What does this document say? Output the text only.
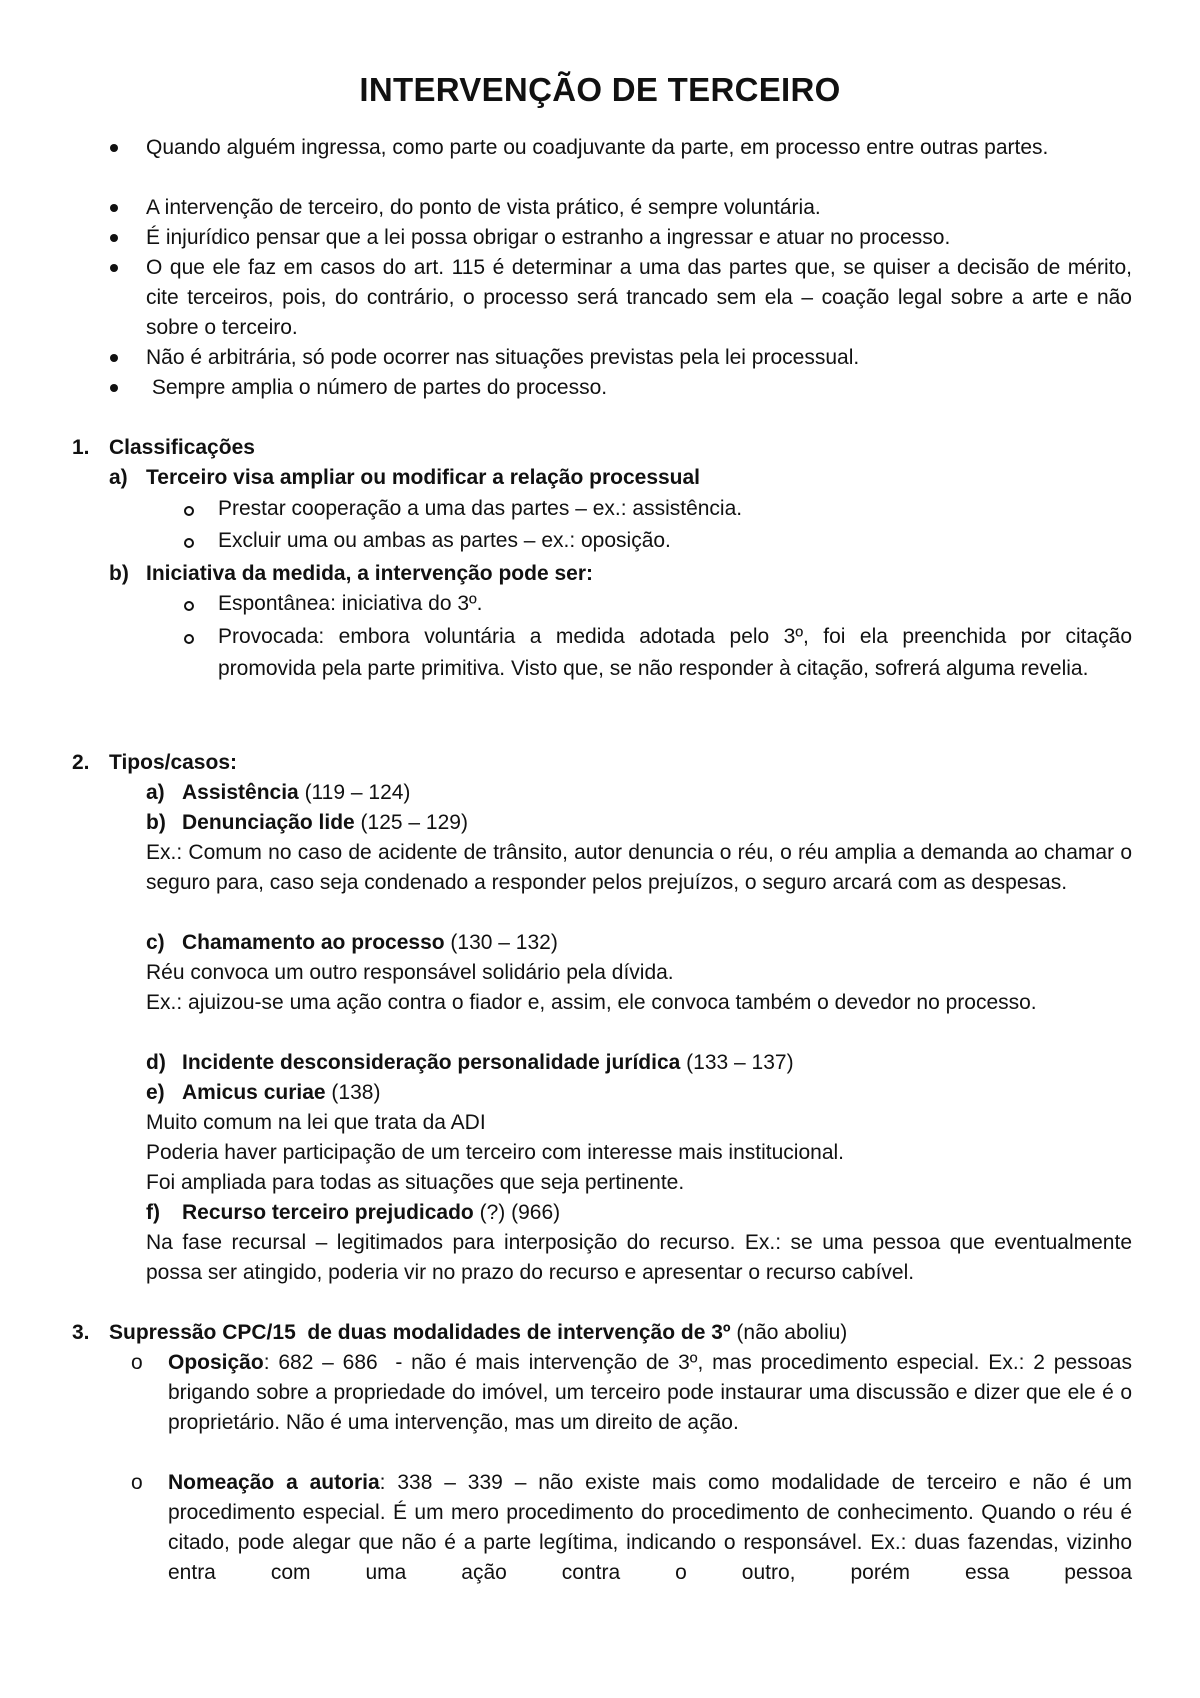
INTERVENÇÃO DE TERCEIRO
Quando alguém ingressa, como parte ou coadjuvante da parte, em processo entre outras partes.
A intervenção de terceiro, do ponto de vista prático, é sempre voluntária.
É injurídico pensar que a lei possa obrigar o estranho a ingressar e atuar no processo.
O que ele faz em casos do art. 115 é determinar a uma das partes que, se quiser a decisão de mérito, cite terceiros, pois, do contrário, o processo será trancado sem ela – coação legal sobre a arte e não sobre o terceiro.
Não é arbitrária, só pode ocorrer nas situações previstas pela lei processual.
Sempre amplia o número de partes do processo.
1. Classificações
a) Terceiro visa ampliar ou modificar a relação processual
Prestar cooperação a uma das partes – ex.: assistência.
Excluir uma ou ambas as partes – ex.: oposição.
b) Iniciativa da medida, a intervenção pode ser:
Espontânea: iniciativa do 3º.
Provocada: embora voluntária a medida adotada pelo 3º, foi ela preenchida por citação promovida pela parte primitiva. Visto que, se não responder à citação, sofrerá alguma revelia.
2. Tipos/casos:
a) Assistência (119 – 124)
b) Denunciação lide (125 – 129)
Ex.: Comum no caso de acidente de trânsito, autor denuncia o réu, o réu amplia a demanda ao chamar o seguro para, caso seja condenado a responder pelos prejuízos, o seguro arcará com as despesas.
c) Chamamento ao processo (130 – 132)
Réu convoca um outro responsável solidário pela dívida.
Ex.: ajuizou-se uma ação contra o fiador e, assim, ele convoca também o devedor no processo.
d) Incidente desconsideração personalidade jurídica (133 – 137)
e) Amicus curiae (138)
Muito comum na lei que trata da ADI
Poderia haver participação de um terceiro com interesse mais institucional.
Foi ampliada para todas as situações que seja pertinente.
f) Recurso terceiro prejudicado (?) (966)
Na fase recursal – legitimados para interposição do recurso. Ex.: se uma pessoa que eventualmente possa ser atingido, poderia vir no prazo do recurso e apresentar o recurso cabível.
3. Supressão CPC/15  de duas modalidades de intervenção de 3º (não aboliu)
o Oposição: 682 – 686  - não é mais intervenção de 3º, mas procedimento especial. Ex.: 2 pessoas brigando sobre a propriedade do imóvel, um terceiro pode instaurar uma discussão e dizer que ele é o proprietário. Não é uma intervenção, mas um direito de ação.
o Nomeação a autoria: 338 – 339 – não existe mais como modalidade de terceiro e não é um procedimento especial. É um mero procedimento do procedimento de conhecimento. Quando o réu é citado, pode alegar que não é a parte legítima, indicando o responsável. Ex.: duas fazendas, vizinho entra com uma ação contra o outro, porém essa pessoa
